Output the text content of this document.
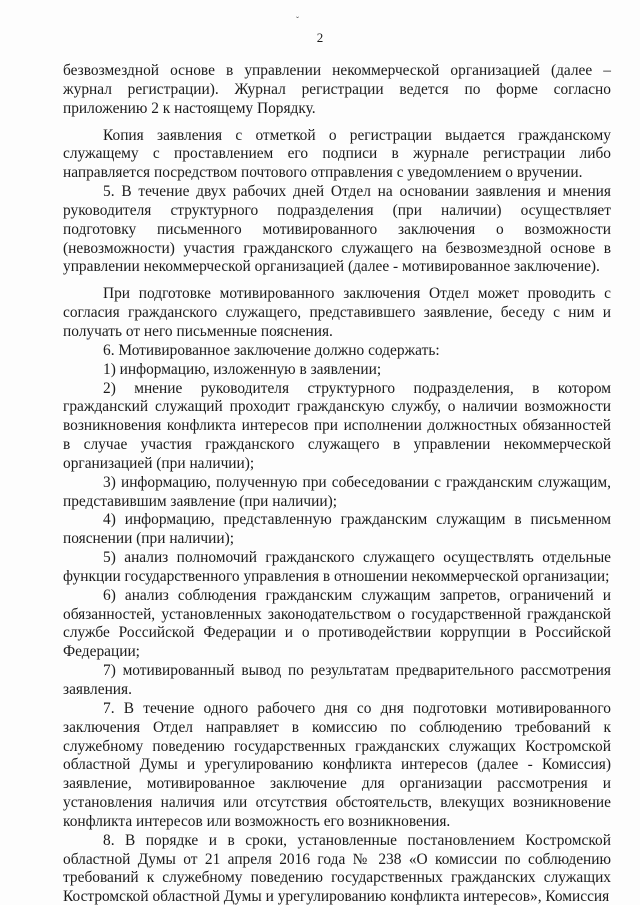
ˇ
2

безвозмездной основе в управлении некоммерческой организацией (далее – журнал регистрации). Журнал регистрации ведется по форме согласно приложению 2 к настоящему Порядку.

Копия заявления с отметкой о регистрации выдается гражданскому служащему с проставлением его подписи в журнале регистрации либо направляется посредством почтового отправления с уведомлением о вручении.

5. В течение двух рабочих дней Отдел на основании заявления и мнения руководителя структурного подразделения (при наличии) осуществляет подготовку письменного мотивированного заключения о возможности (невозможности) участия гражданского служащего на безвозмездной основе в управлении некоммерческой организацией (далее - мотивированное заключение).

При подготовке мотивированного заключения Отдел может проводить с согласия гражданского служащего, представившего заявление, беседу с ним и получать от него письменные пояснения.

6. Мотивированное заключение должно содержать:

1) информацию, изложенную в заявлении;

2) мнение руководителя структурного подразделения, в котором гражданский служащий проходит гражданскую службу, о наличии возможности возникновения конфликта интересов при исполнении должностных обязанностей в случае участия гражданского служащего в управлении некоммерческой организацией (при наличии);

3) информацию, полученную при собеседовании с гражданским служащим, представившим заявление (при наличии);

4) информацию, представленную гражданским служащим в письменном пояснении (при наличии);

5) анализ полномочий гражданского служащего осуществлять отдельные функции государственного управления в отношении некоммерческой организации;

6) анализ соблюдения гражданским служащим запретов, ограничений и обязанностей, установленных законодательством о государственной гражданской службе Российской Федерации и о противодействии коррупции в Российской Федерации;

7) мотивированный вывод по результатам предварительного рассмотрения заявления.

7. В течение одного рабочего дня со дня подготовки мотивированного заключения Отдел направляет в комиссию по соблюдению требований к служебному поведению государственных гражданских служащих Костромской областной Думы и урегулированию конфликта интересов (далее - Комиссия) заявление, мотивированное заключение для организации рассмотрения и установления наличия или отсутствия обстоятельств, влекущих возникновение конфликта интересов или возможность его возникновения.

8. В порядке и в сроки, установленные постановлением Костромской областной Думы от 21 апреля 2016 года № 238 «О комиссии по соблюдению требований к служебному поведению государственных гражданских служащих Костромской областной Думы и урегулированию конфликта интересов», Комиссия
